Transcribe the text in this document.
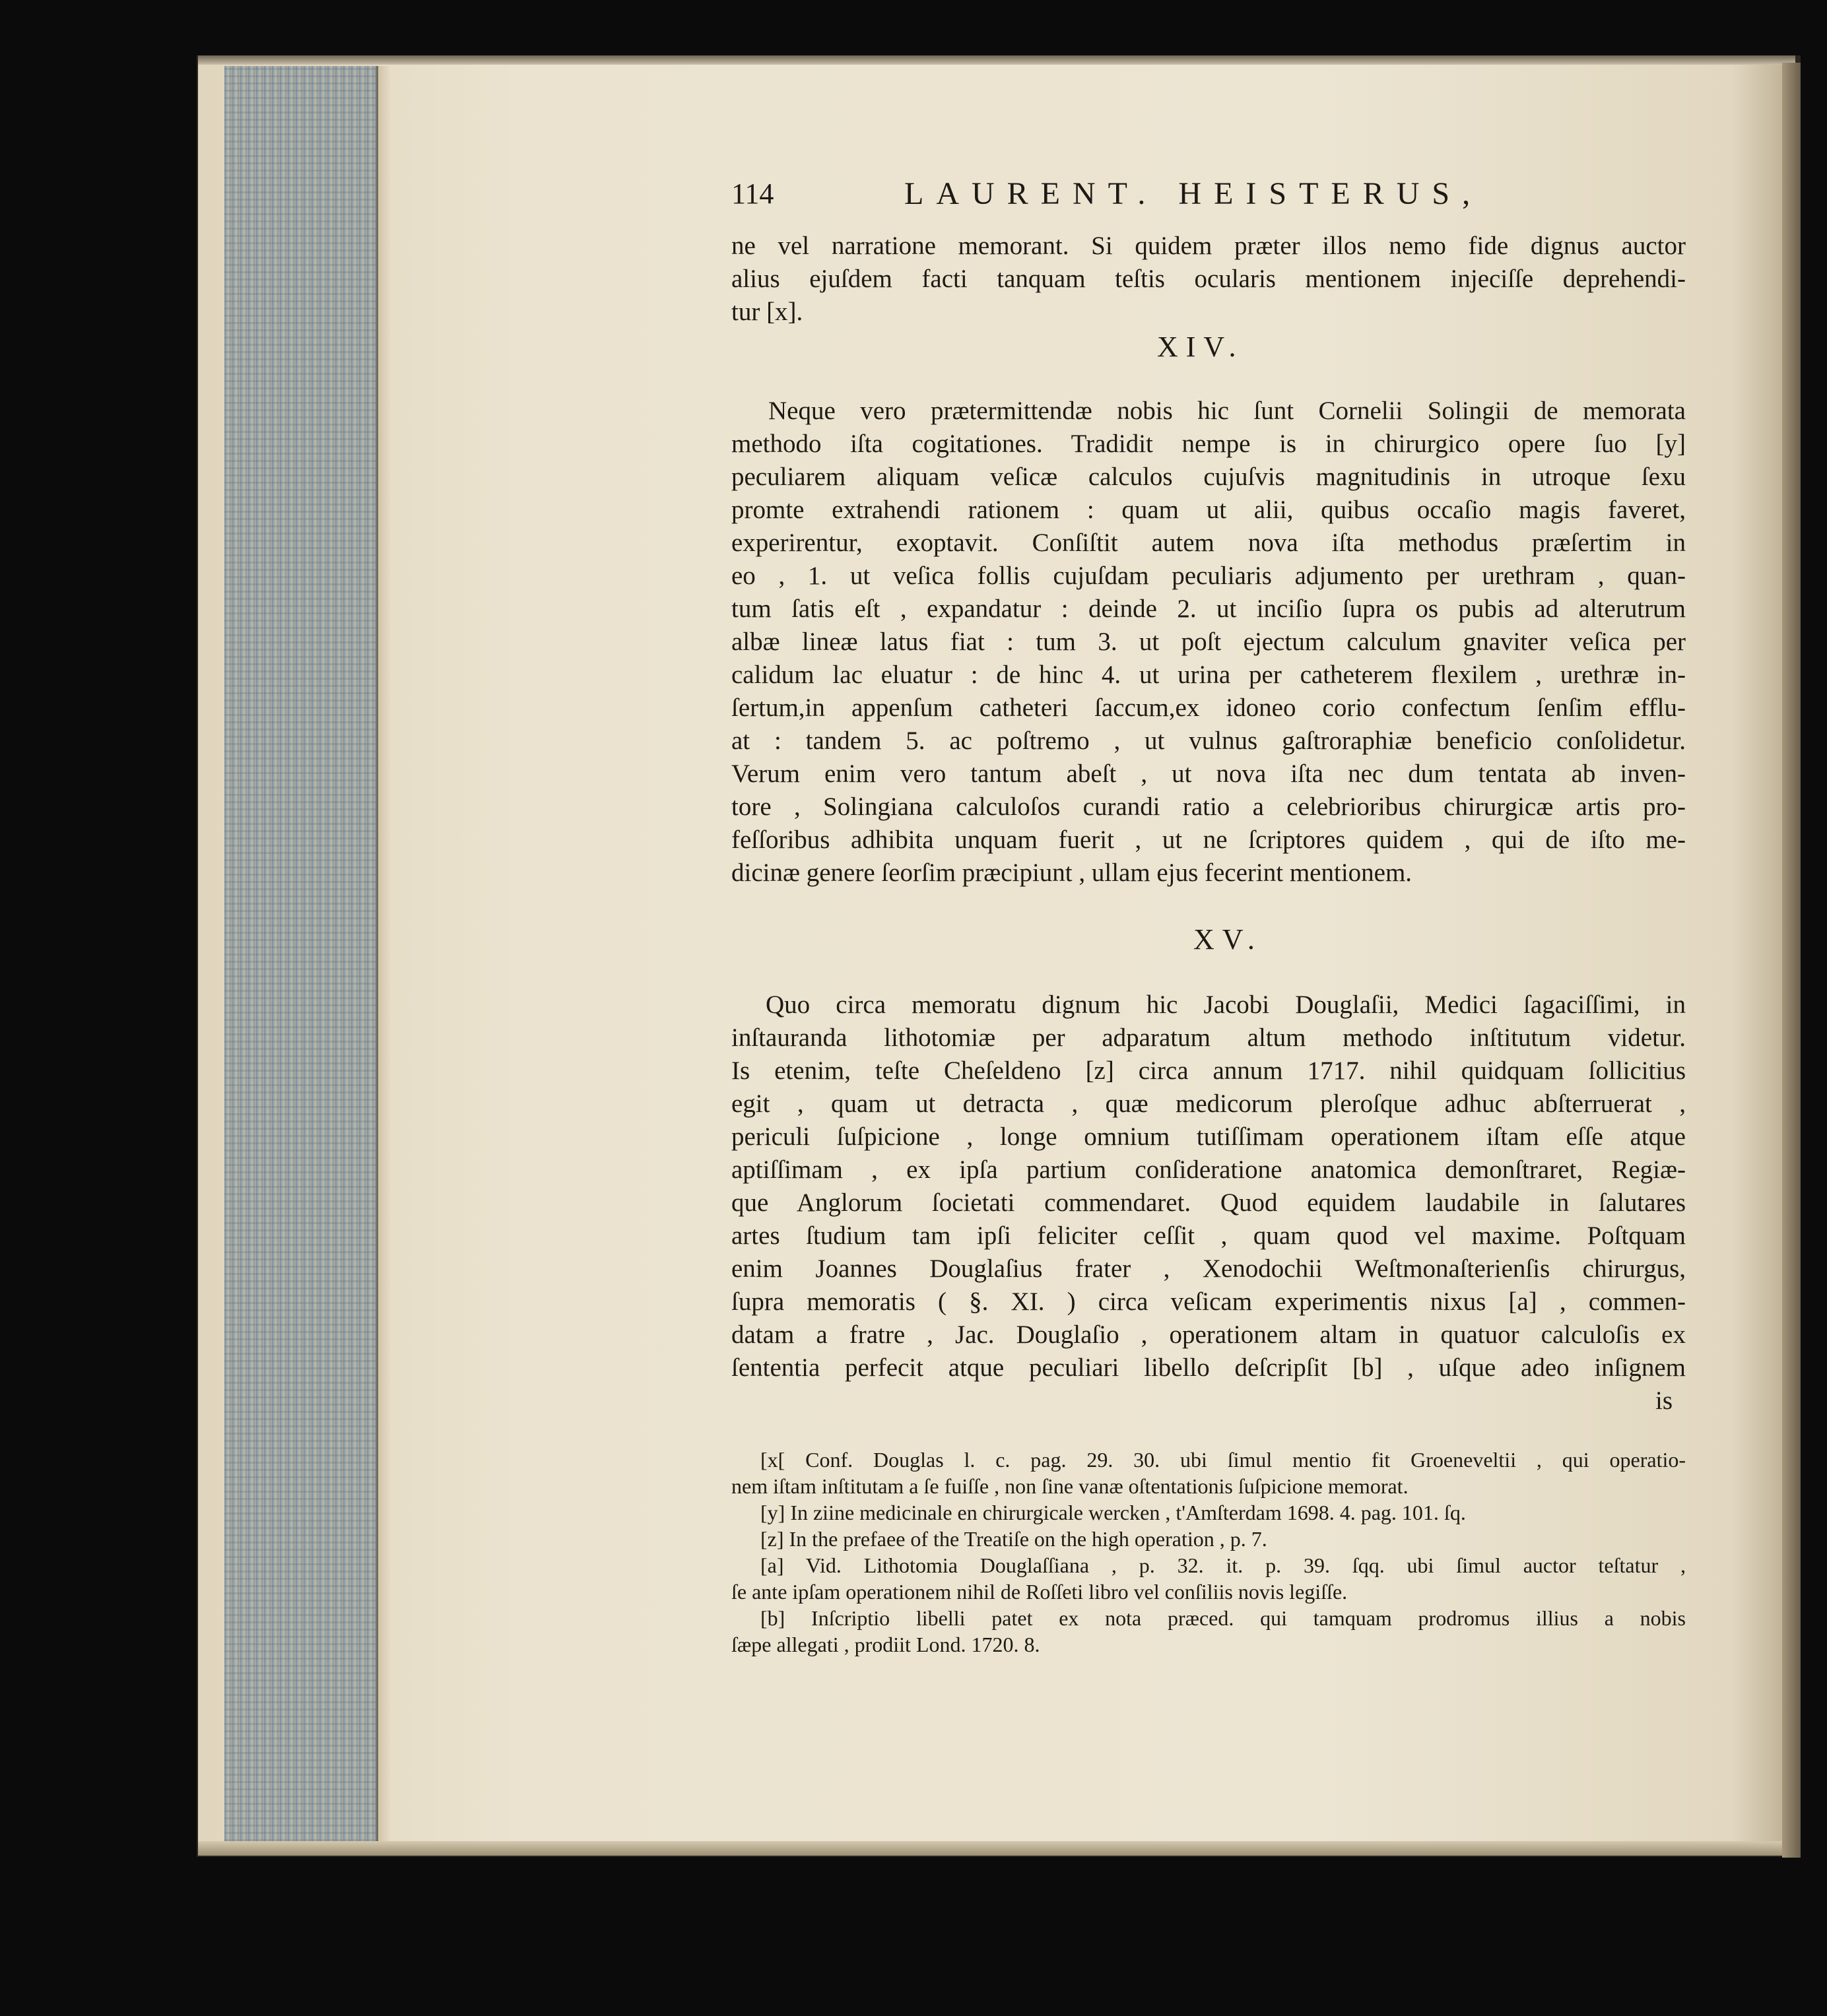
114	LAURENT. HEISTERUS,
ne vel narratione memorant. Si quidem præter illos nemo fide dignus auctor
alius ejuſdem facti tanquam teſtis ocularis mentionem injeciſſe deprehendi-
tur [x].
XIV.
Neque vero prætermittendæ nobis hic ſunt Cornelii Solingii de memorata
methodo iſta cogitationes. Tradidit nempe is in chirurgico opere ſuo [y]
peculiarem aliquam veſicæ calculos cujuſvis magnitudinis in utroque ſexu
promte extrahendi rationem : quam ut alii, quibus occaſio magis faveret,
experirentur, exoptavit. Conſiſtit autem nova iſta methodus præſertim in
eo , 1. ut veſica follis cujuſdam peculiaris adjumento per urethram , quan-
tum ſatis eſt , expandatur : deinde 2. ut inciſio ſupra os pubis ad alterutrum
albæ lineæ latus fiat : tum 3. ut poſt ejectum calculum gnaviter veſica per
calidum lac eluatur : de hinc 4. ut urina per catheterem flexilem , urethræ in-
ſertum,in appenſum catheteri ſaccum,ex idoneo corio confectum ſenſim efflu-
at : tandem 5. ac poſtremo , ut vulnus gaſtroraphiæ beneficio conſolidetur.
Verum enim vero tantum abeſt , ut nova iſta nec dum tentata ab inven-
tore , Solingiana calculoſos curandi ratio a celebrioribus chirurgicæ artis pro-
feſſoribus adhibita unquam fuerit , ut ne ſcriptores quidem , qui de iſto me-
dicinæ genere ſeorſim præcipiunt , ullam ejus fecerint mentionem.
XV.
Quo circa memoratu dignum hic Jacobi Douglaſii, Medici ſagaciſſimi, in
inſtauranda lithotomiæ per adparatum altum methodo inſtitutum videtur.
Is etenim, teſte Cheſeldeno [z] circa annum 1717. nihil quidquam ſollicitius
egit , quam ut detracta , quæ medicorum pleroſque adhuc abſterruerat ,
periculi ſuſpicione , longe omnium tutiſſimam operationem iſtam eſſe atque
aptiſſimam , ex ipſa partium conſideratione anatomica demonſtraret, Regiæ-
que Anglorum ſocietati commendaret. Quod equidem laudabile in ſalutares
artes ſtudium tam ipſi feliciter ceſſit , quam quod vel maxime. Poſtquam
enim Joannes Douglaſius frater , Xenodochii Weſtmonaſterienſis chirurgus,
ſupra memoratis ( §. XI. ) circa veſicam experimentis nixus [a] , commen-
datam a fratre , Jac. Douglaſio , operationem altam in quatuor calculoſis ex
ſententia perfecit atque peculiari libello deſcripſit [b] , uſque adeo inſignem
is
[x[ Conf. Douglas l. c. pag. 29. 30. ubi ſimul mentio fit Groeneveltii , qui operatio-
nem iſtam inſtitutam a ſe fuiſſe , non ſine vanæ oſtentationis ſuſpicione memorat.
[y] In ziine medicinale en chirurgicale wercken , t'Amſterdam 1698. 4. pag. 101. ſq.
[z] In the prefaee of the Treatiſe on the high operation , p. 7.
[a] Vid. Lithotomia Douglaſſiana , p. 32. it. p. 39. ſqq. ubi ſimul auctor teſtatur ,
ſe ante ipſam operationem nihil de Roſſeti libro vel conſiliis novis legiſſe.
[b] Inſcriptio libelli patet ex nota præced. qui tamquam prodromus illius a nobis
ſæpe allegati , prodiit Lond. 1720. 8.
